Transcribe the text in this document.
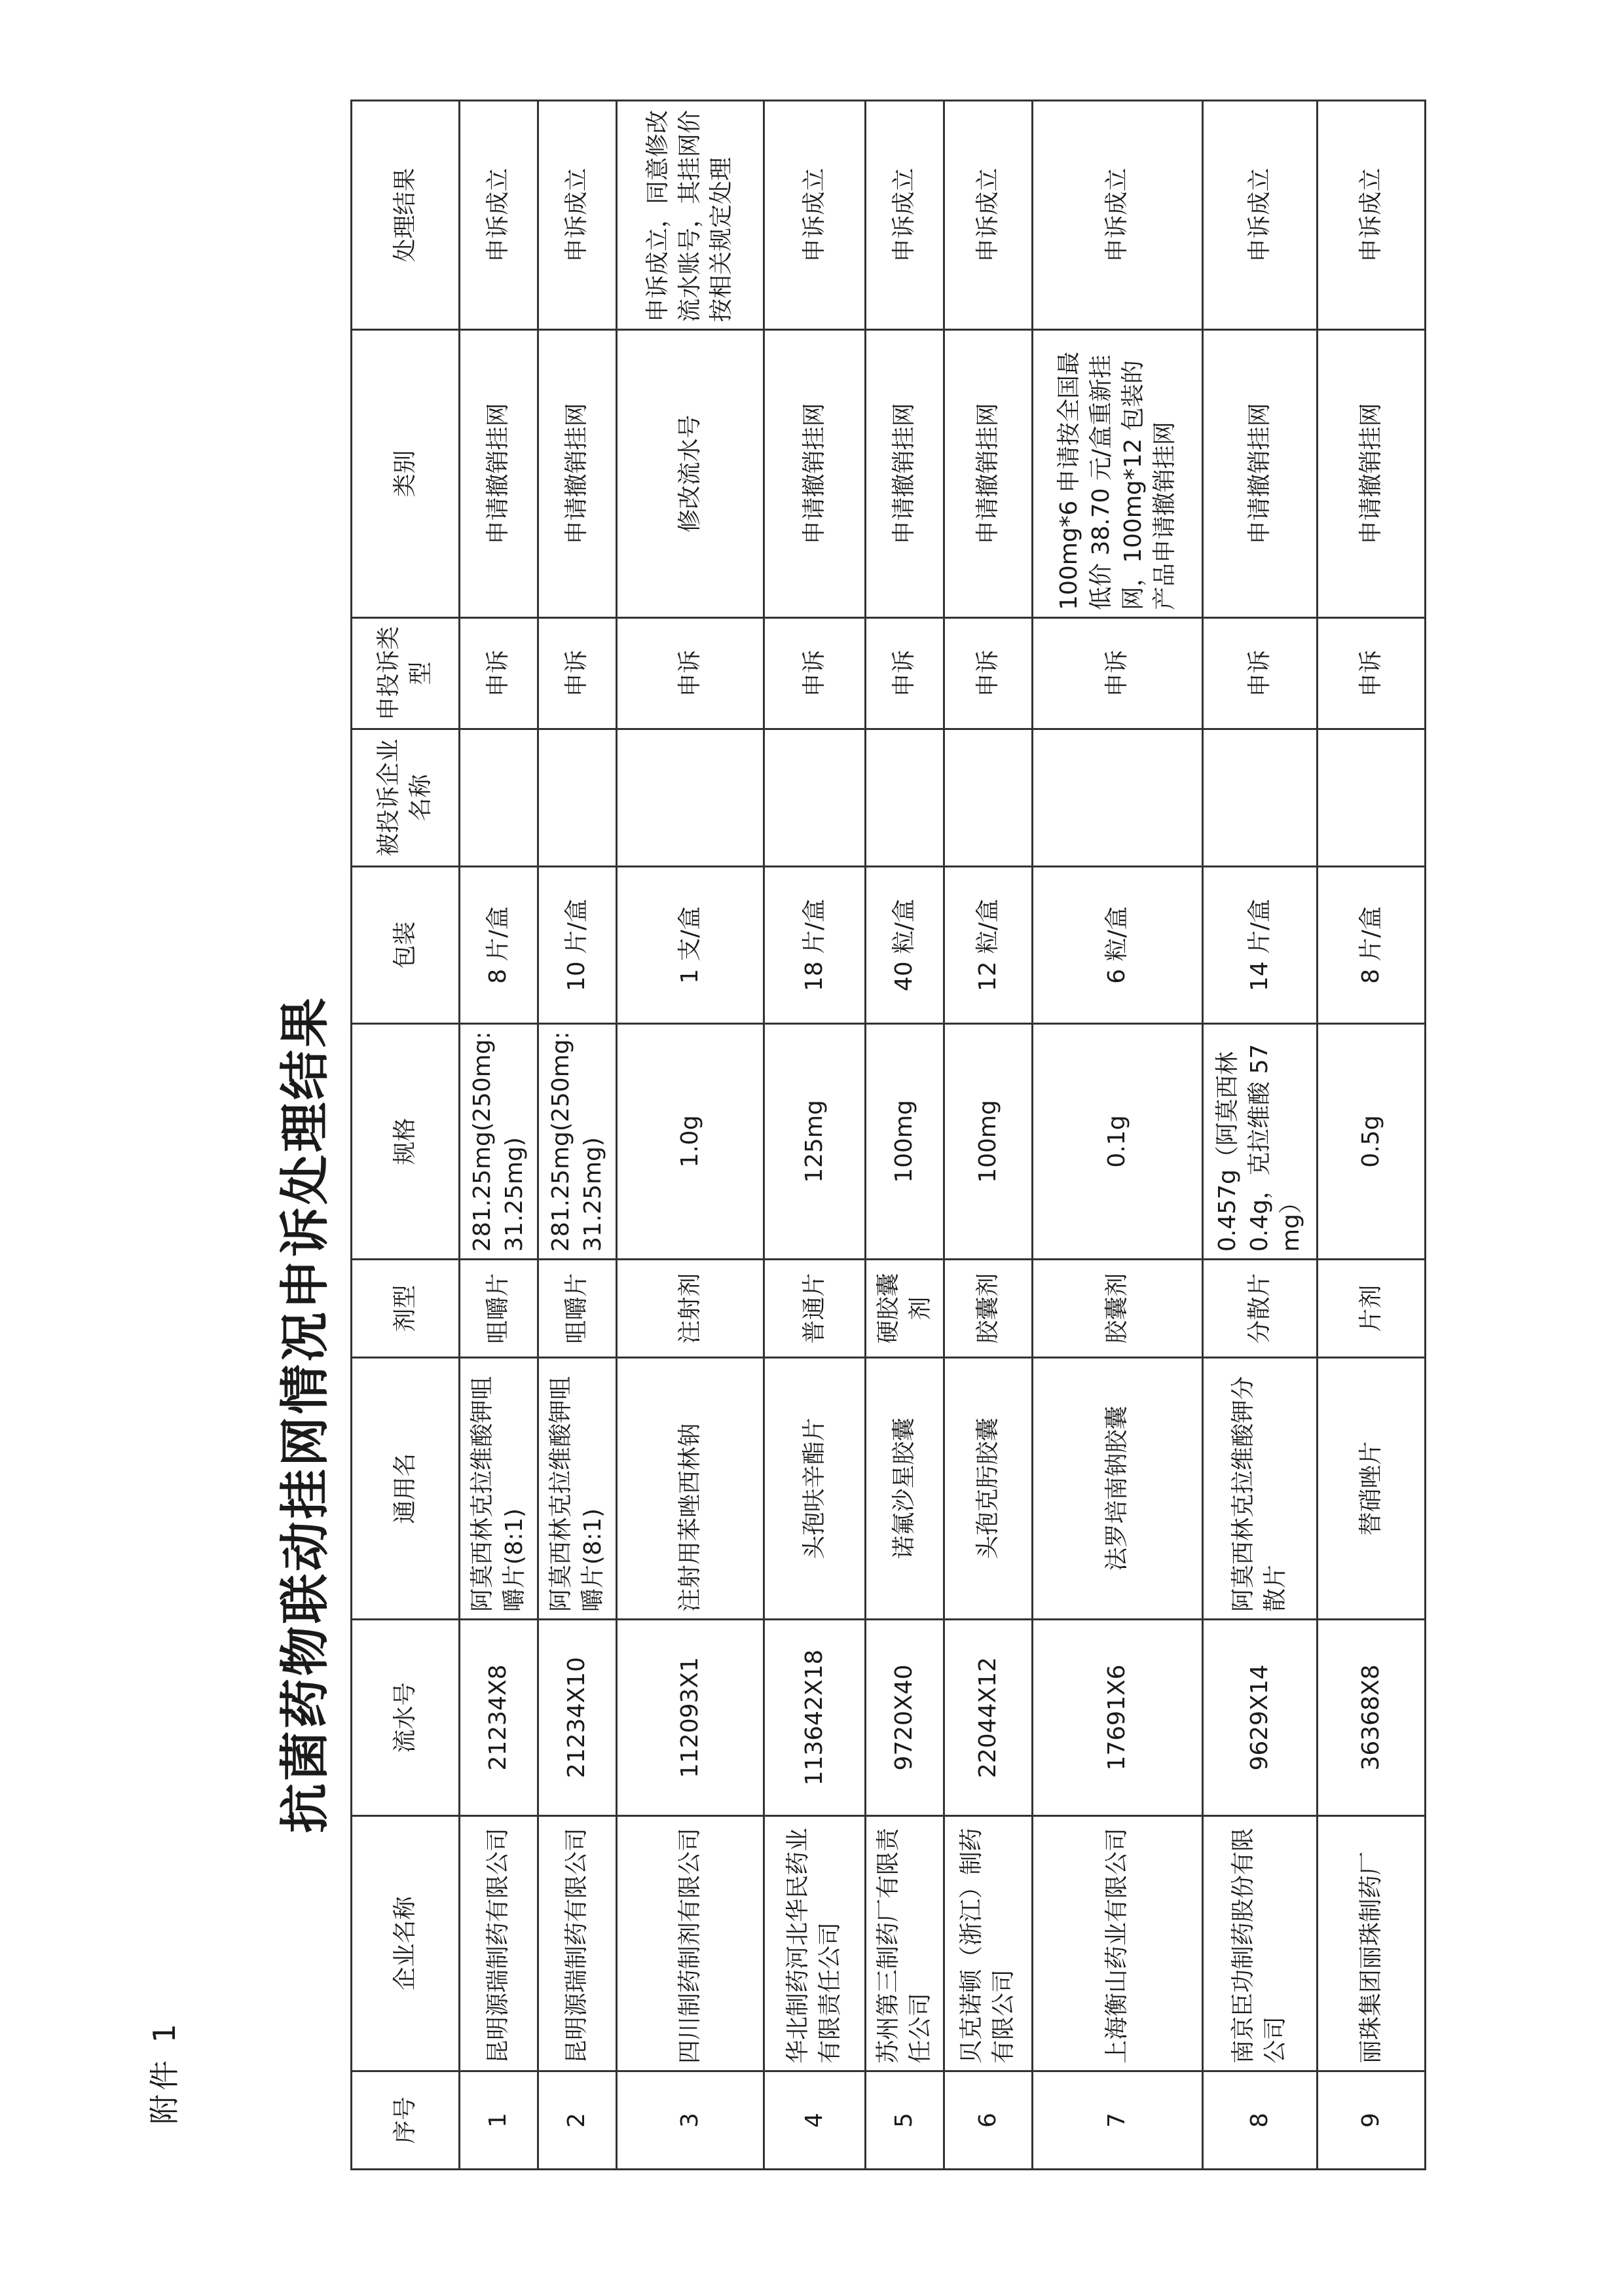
附件 1
抗菌药物联动挂网情况申诉处理结果
序号	企业名称	流水号	通用名	剂型	规格	包装	被投诉企业名称	申投诉类型	类别	处理结果
1	昆明源瑞制药有限公司	21234X8	阿莫西林克拉维酸钾咀嚼片(8:1)	咀嚼片	281.25mg(250mg:31.25mg)	8 片/盒		申诉	申请撤销挂网	申诉成立
2	昆明源瑞制药有限公司	21234X10	阿莫西林克拉维酸钾咀嚼片(8:1)	咀嚼片	281.25mg(250mg:31.25mg)	10 片/盒		申诉	申请撤销挂网	申诉成立
3	四川制药制剂有限公司	112093X1	注射用苯唑西林钠	注射剂	1.0g	1 支/盒		申诉	修改流水号	申诉成立，同意修改流水账号，其挂网价按相关规定处理
4	华北制药河北华民药业有限责任公司	113642X18	头孢呋辛酯片	普通片	125mg	18 片/盒		申诉	申请撤销挂网	申诉成立
5	苏州第三制药厂有限责任公司	9720X40	诺氟沙星胶囊	硬胶囊剂	100mg	40 粒/盒		申诉	申请撤销挂网	申诉成立
6	贝克诺顿（浙江）制药有限公司	22044X12	头孢克肟胶囊	胶囊剂	100mg	12 粒/盒		申诉	申请撤销挂网	申诉成立
7	上海衡山药业有限公司	17691X6	法罗培南钠胶囊	胶囊剂	0.1g	6 粒/盒		申诉	100mg*6 申请按全国最低价 38.70 元/盒重新挂网，100mg*12 包装的产品申请撤销挂网	申诉成立
8	南京臣功制药股份有限公司	9629X14	阿莫西林克拉维酸钾分散片	分散片	0.457g（阿莫西林 0.4g，克拉维酸 57mg）	14 片/盒		申诉	申请撤销挂网	申诉成立
9	丽珠集团丽珠制药厂	36368X8	替硝唑片	片剂	0.5g	8 片/盒		申诉	申请撤销挂网	申诉成立
